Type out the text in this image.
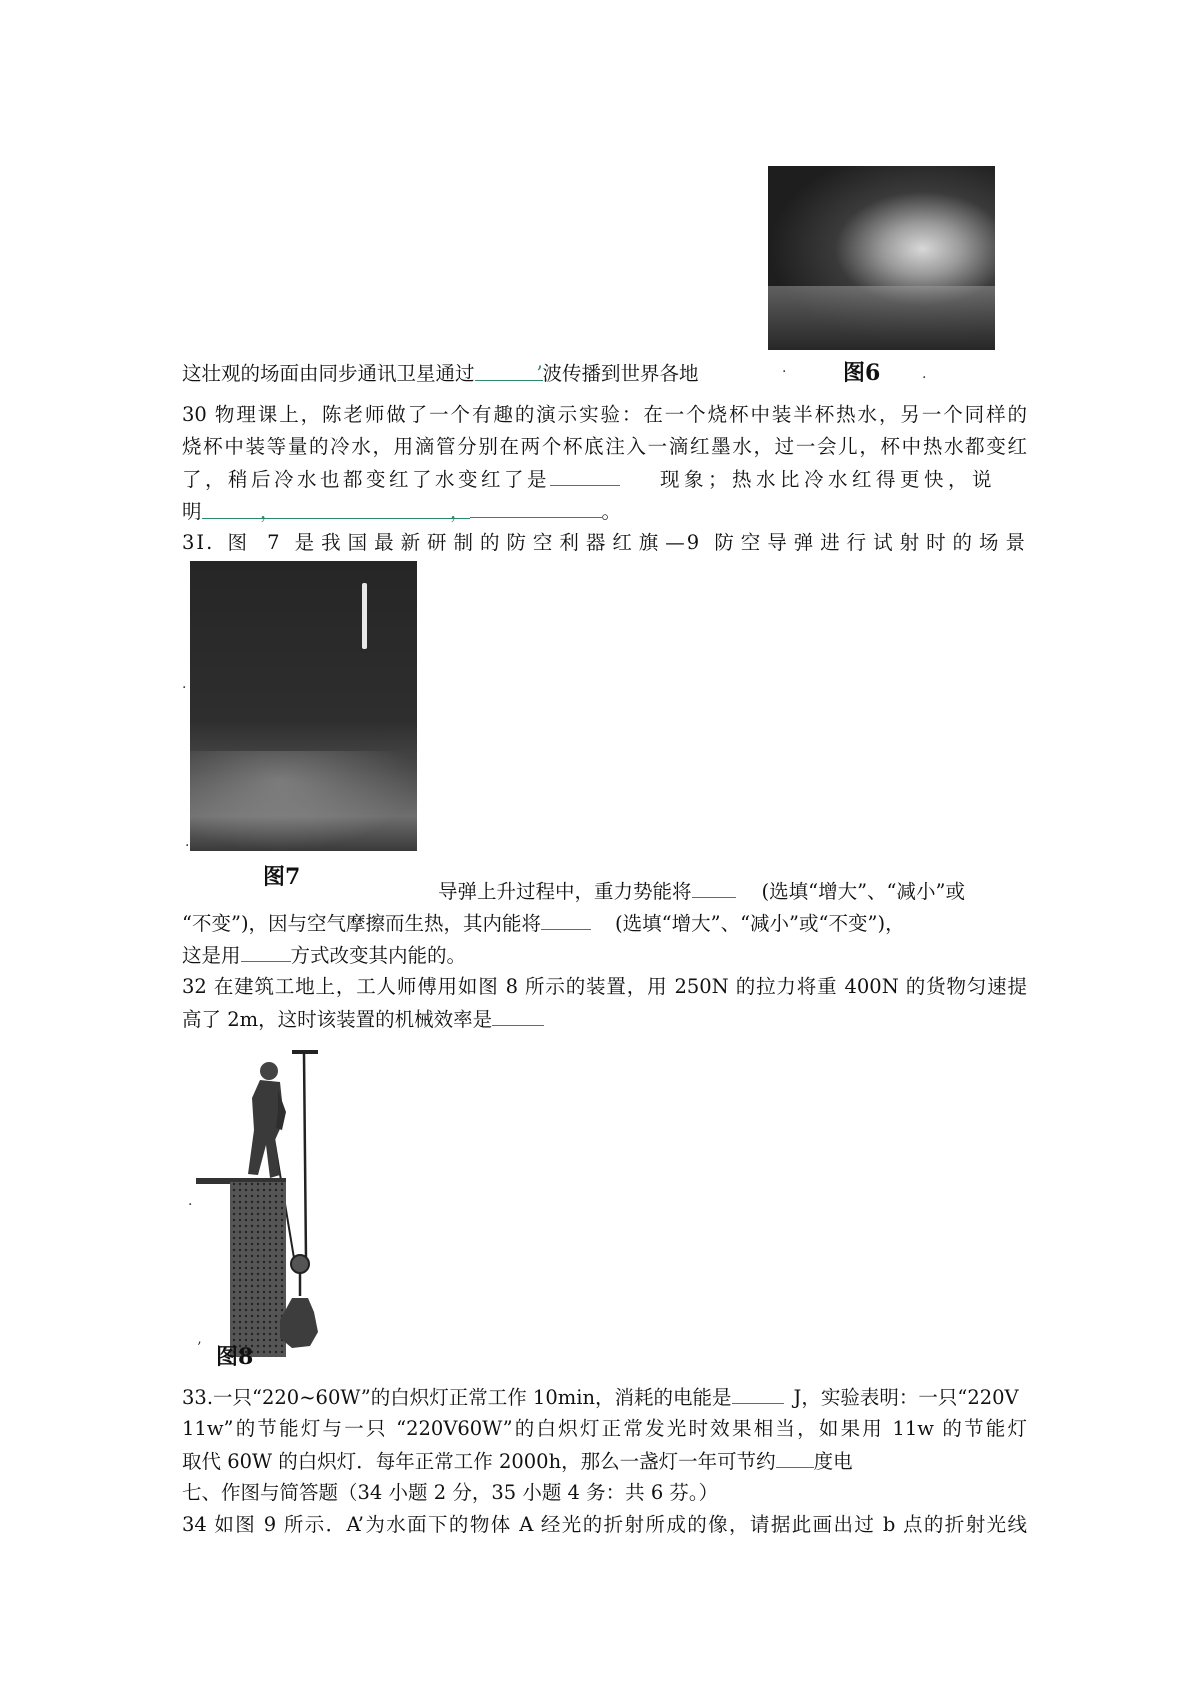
图6
·	.
这壮观的场面由同步通讯卫星通过	’波传播到世界各地
30 物理课上，陈老师做了一个有趣的演示实验：在一个烧杯中装半杯热水，另一个同样的
烧杯中装等量的冷水，用滴管分别在两个杯底注入一滴红墨水，过一会儿，杯中热水都变红
了，稍后冷水也都变红了水变红了是	现象；热水比冷水红得更快，说
明	，	，	。
3I. 图 7 是我国最新研制的防空利器红旗—9 防空导弹进行试射时的场景
·
·
图7
导弹上升过程中，重力势能将	(选填“增大”、“减小”或
“不变”)，因与空气摩擦而生热，其内能将	(选填“增大”、“减小”或“不变”)，
这是用	方式改变其内能的。
32 在建筑工地上，工人师傅用如图 8 所示的装置，用 250N 的拉力将重 400N 的货物匀速提
高了 2m，这时该装置的机械效率是
·
’ 图8
33.一只“220~60W”的白炽灯正常工作 10min，消耗的电能是	J，实验表明：一只“220V
11w”的节能灯与一只 “220V60W”的白炽灯正常发光时效果相当，如果用 11w 的节能灯
取代 60W 的白炽灯．每年正常工作 2000h，那么一盏灯一年可节约 度电
七、作图与简答题（34 小题 2 分，35 小题 4 务：共 6 芬。）
34 如图 9 所示．A’为水面下的物体 A 经光的折射所成的像，请据此画出过 b 点的折射光线
